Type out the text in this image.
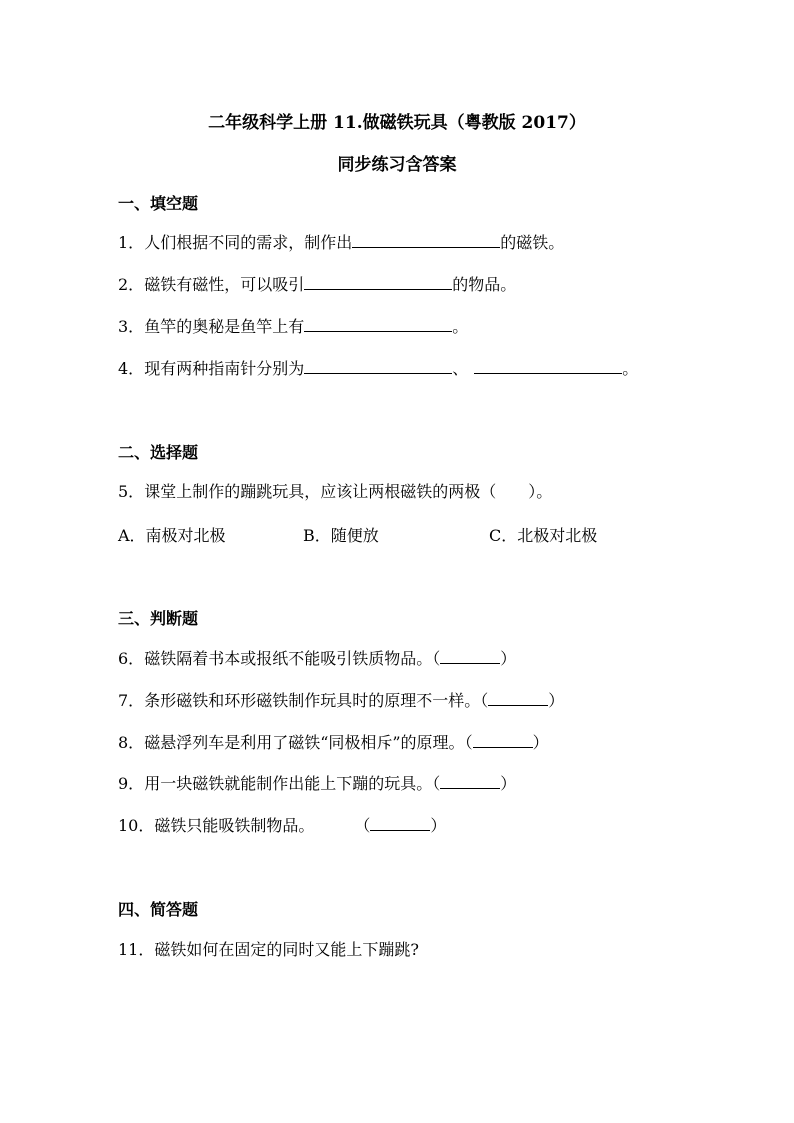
二年级科学上册 11.做磁铁玩具（粤教版 2017）
同步练习含答案
一、填空题
1．人们根据不同的需求，制作出	的磁铁。
2．磁铁有磁性，可以吸引	的物品。
3．鱼竿的奥秘是鱼竿上有	。
4．现有两种指南针分别为	、	。
二、选择题
5．课堂上制作的蹦跳玩具，应该让两根磁铁的两极（　　）。
A．南极对北极	B．随便放	C．北极对北极
三、判断题
6．磁铁隔着书本或报纸不能吸引铁质物品。（	）
7．条形磁铁和环形磁铁制作玩具时的原理不一样。（	）
8．磁悬浮列车是利用了磁铁“同极相斥”的原理。（	）
9．用一块磁铁就能制作出能上下蹦的玩具。（	）
10．磁铁只能吸铁制物品。	（	）
四、简答题
11．磁铁如何在固定的同时又能上下蹦跳?
